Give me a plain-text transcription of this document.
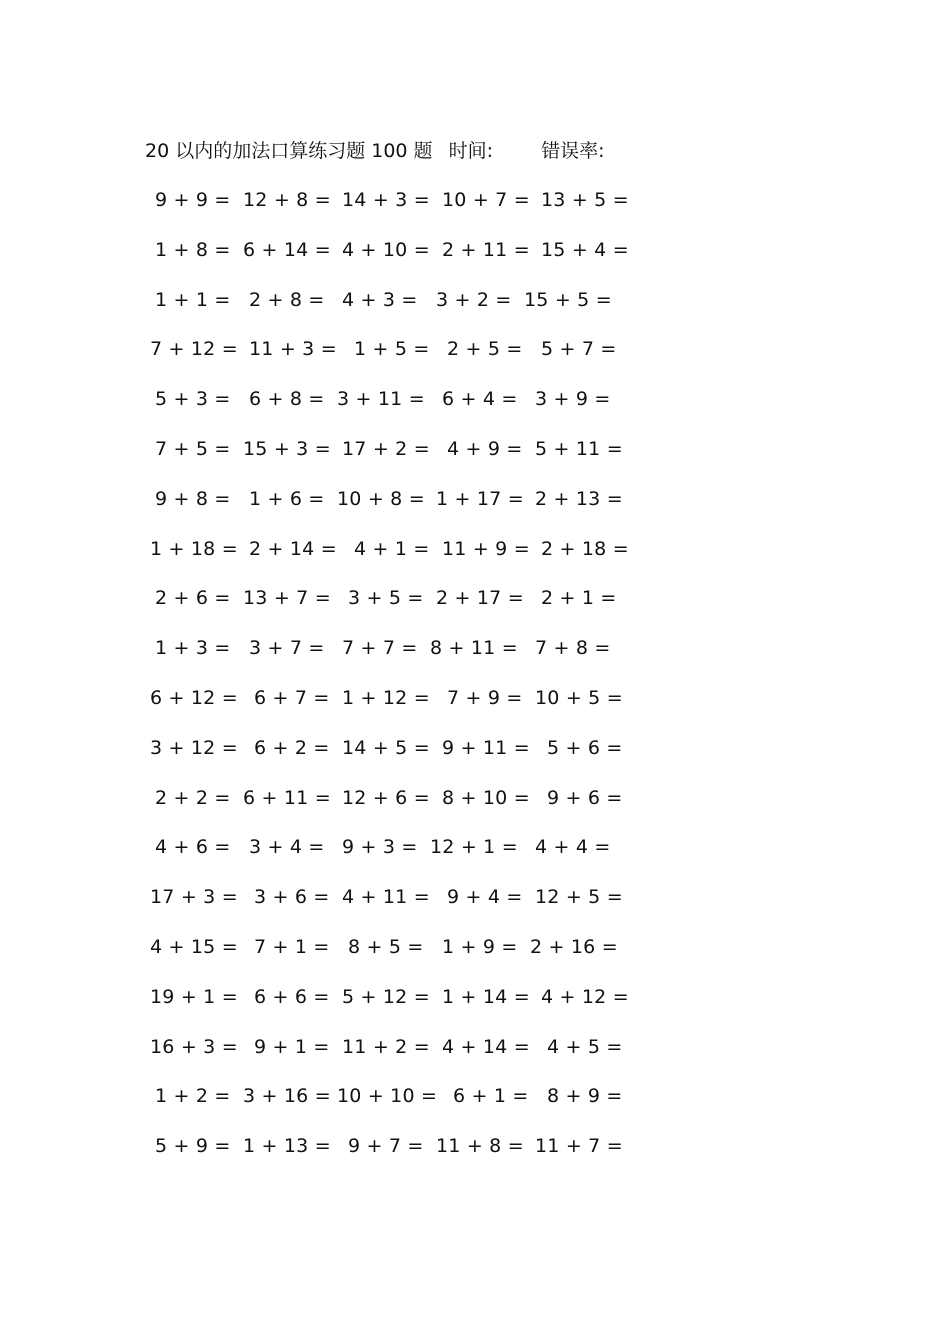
20 以内的加法口算练习题 100 题 时间:	错误率:
9 + 9 = 12 + 8 = 14 + 3 = 10 + 7 = 13 + 5 =
1 + 8 = 6 + 14 = 4 + 10 = 2 + 11 = 15 + 4 =
1 + 1 = 2 + 8 = 4 + 3 = 3 + 2 = 15 + 5 =
7 + 12 = 11 + 3 = 1 + 5 = 2 + 5 = 5 + 7 =
5 + 3 = 6 + 8 = 3 + 11 = 6 + 4 = 3 + 9 =
7 + 5 = 15 + 3 = 17 + 2 = 4 + 9 = 5 + 11 =
9 + 8 = 1 + 6 = 10 + 8 = 1 + 17 = 2 + 13 =
1 + 18 = 2 + 14 = 4 + 1 = 11 + 9 = 2 + 18 =
2 + 6 = 13 + 7 = 3 + 5 = 2 + 17 = 2 + 1 =
1 + 3 = 3 + 7 = 7 + 7 = 8 + 11 = 7 + 8 =
6 + 12 = 6 + 7 = 1 + 12 = 7 + 9 = 10 + 5 =
3 + 12 = 6 + 2 = 14 + 5 = 9 + 11 = 5 + 6 =
2 + 2 = 6 + 11 = 12 + 6 = 8 + 10 = 9 + 6 =
4 + 6 = 3 + 4 = 9 + 3 = 12 + 1 = 4 + 4 =
17 + 3 = 3 + 6 = 4 + 11 = 9 + 4 = 12 + 5 =
4 + 15 = 7 + 1 = 8 + 5 = 1 + 9 = 2 + 16 =
19 + 1 = 6 + 6 = 5 + 12 = 1 + 14 = 4 + 12 =
16 + 3 = 9 + 1 = 11 + 2 = 4 + 14 = 4 + 5 =
1 + 2 = 3 + 16 = 10 + 10 = 6 + 1 = 8 + 9 =
5 + 9 = 1 + 13 = 9 + 7 = 11 + 8 = 11 + 7 =
